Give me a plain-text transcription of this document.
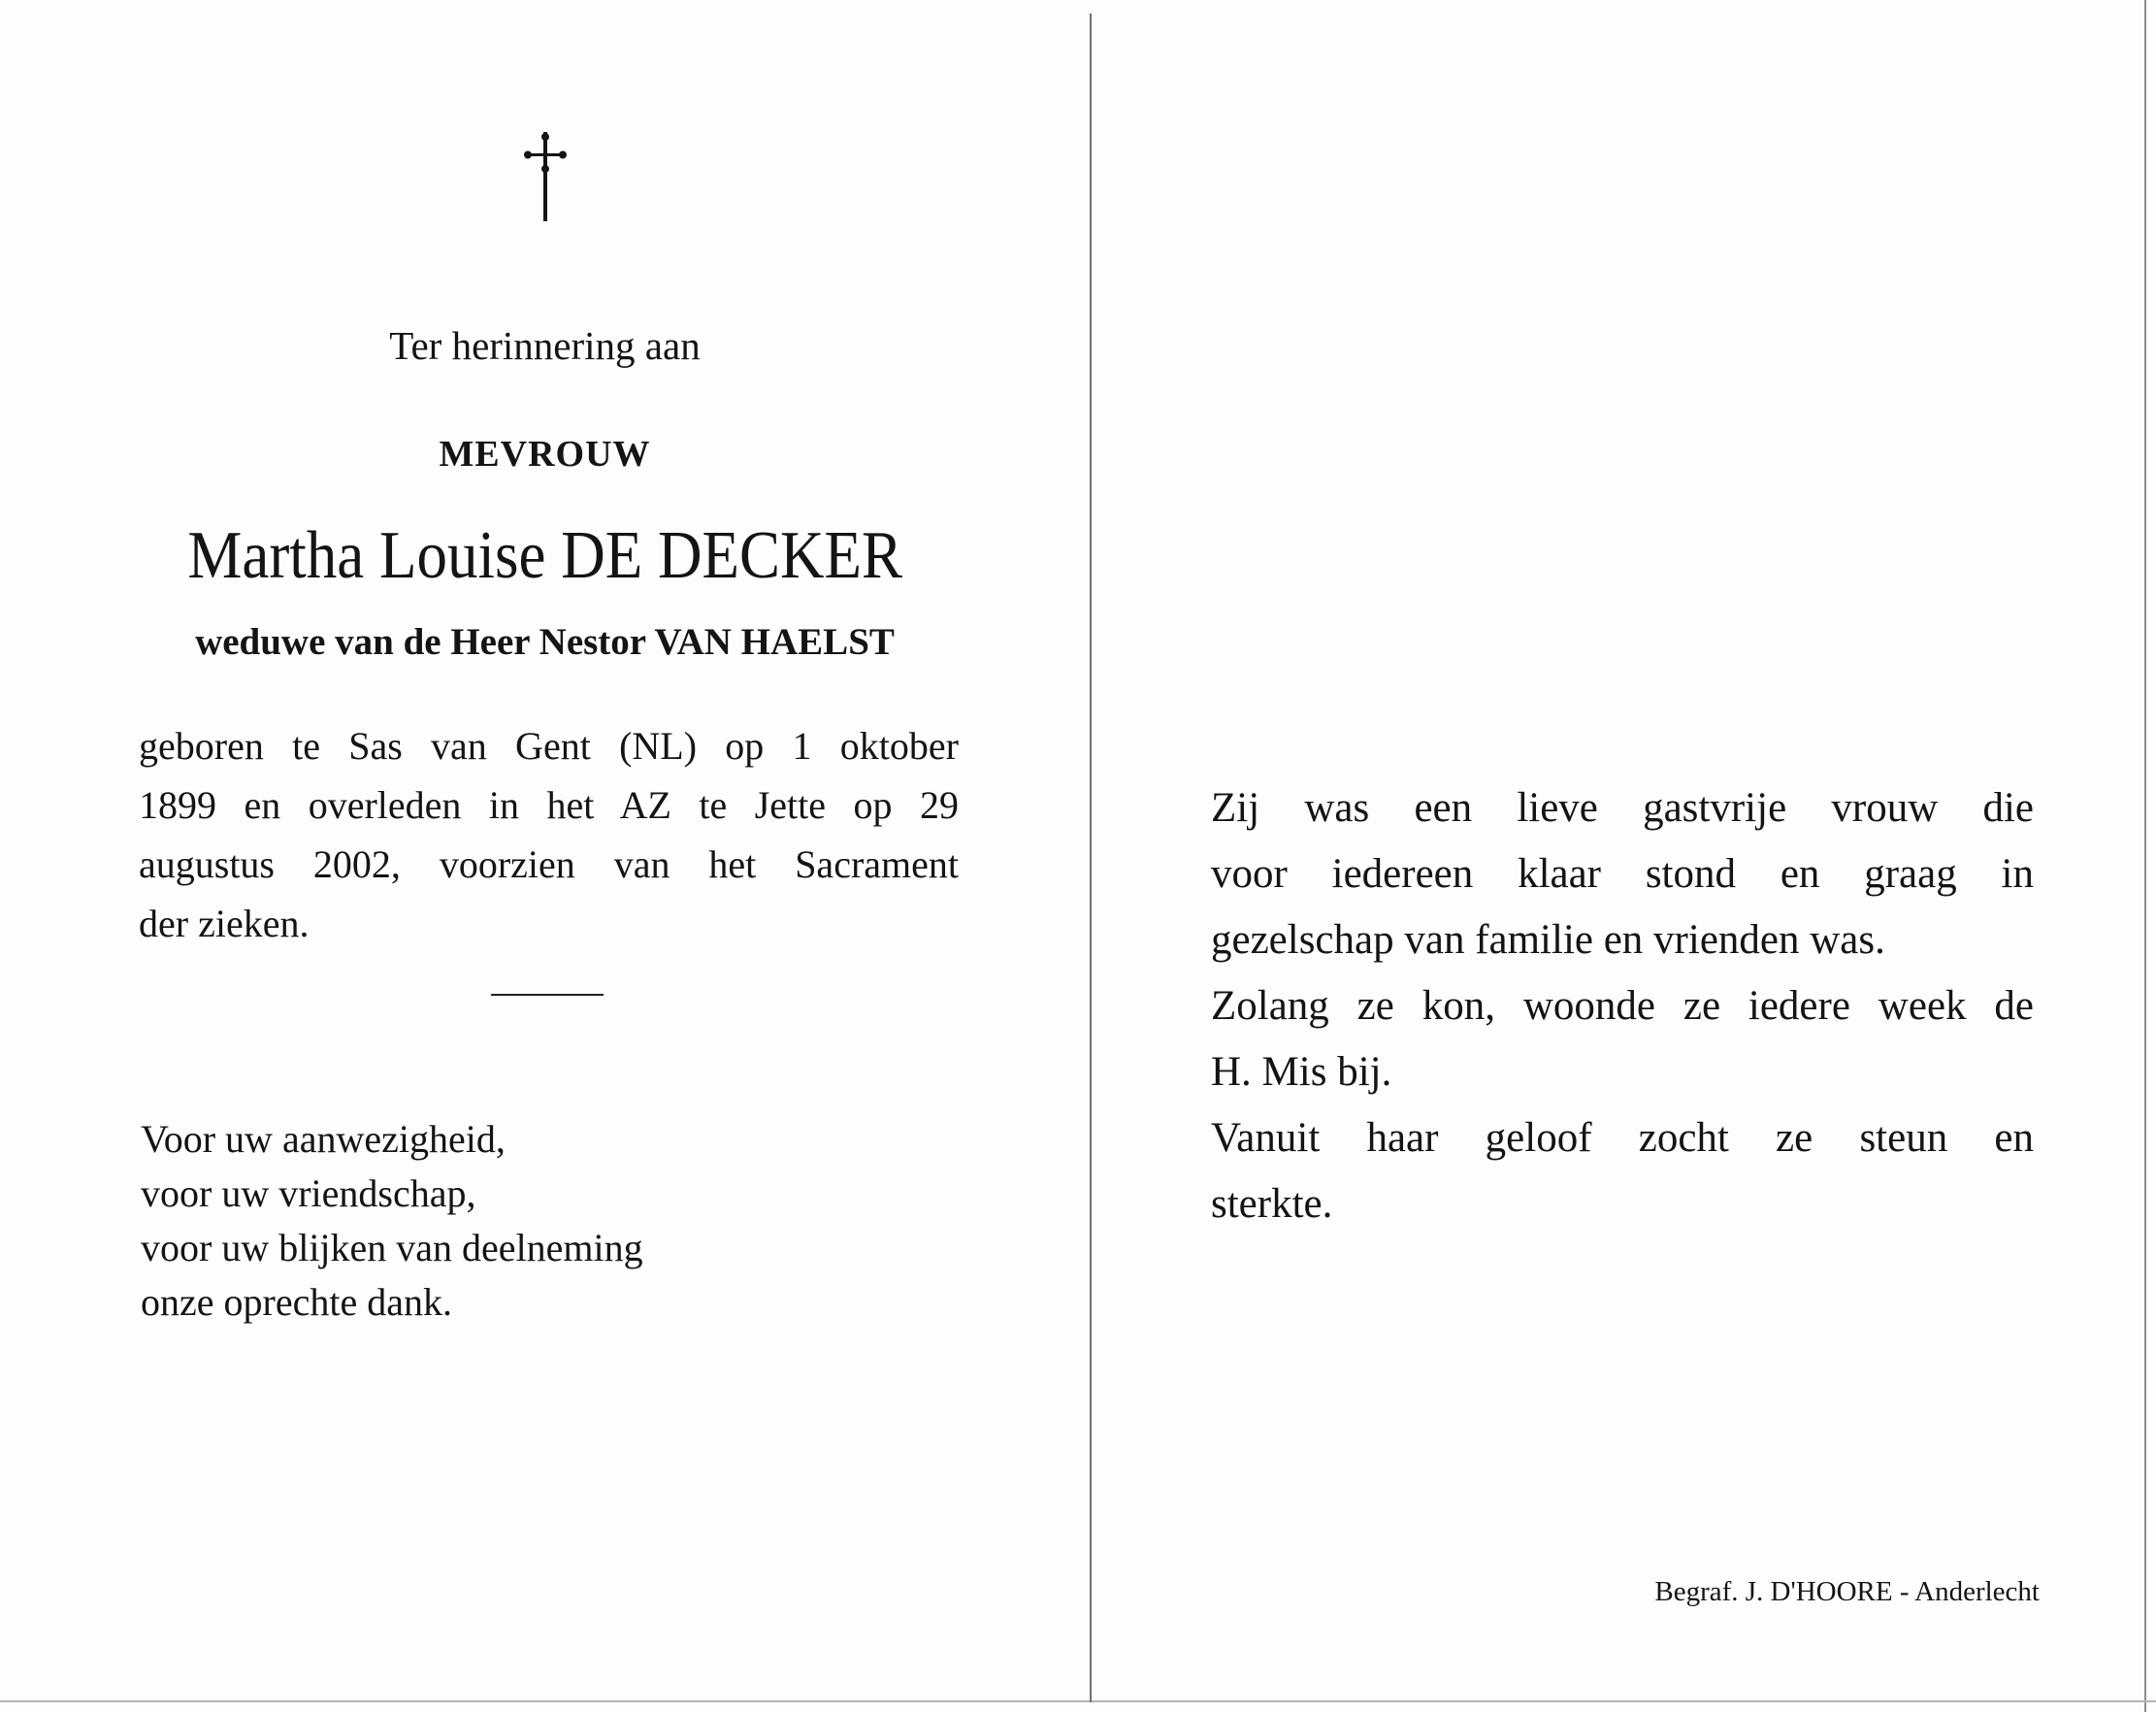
Ter herinnering aan
MEVROUW
Martha Louise DE DECKER
weduwe van de Heer Nestor VAN HAELST
geboren te Sas van Gent (NL) op 1 oktober
1899 en overleden in het AZ te Jette op 29
augustus 2002, voorzien van het Sacrament
der zieken.
Voor uw aanwezigheid,
voor uw vriendschap,
voor uw blijken van deelneming
onze oprechte dank.
Zij was een lieve gastvrije vrouw die
voor iedereen klaar stond en graag in
gezelschap van familie en vrienden was.
Zolang ze kon, woonde ze iedere week de
H. Mis bij.
Vanuit haar geloof zocht ze steun en
sterkte.
Begraf. J. D'HOORE - Anderlecht
